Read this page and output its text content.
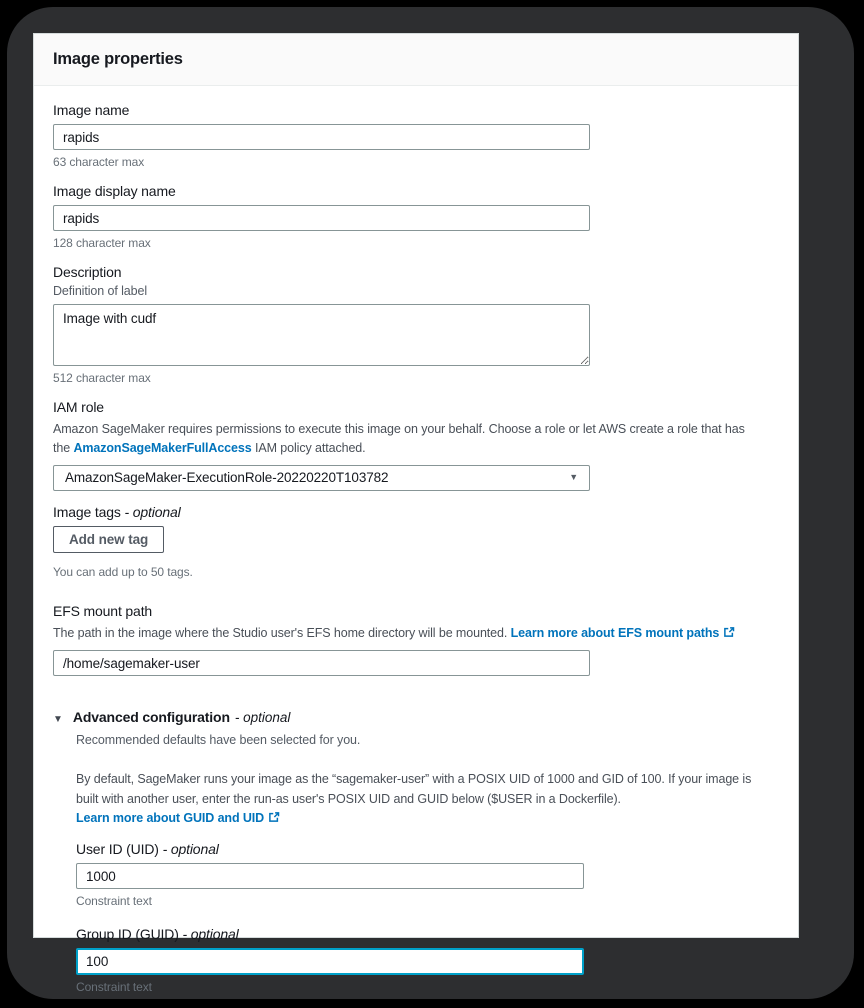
Image properties
Image name
rapids
63 character max
Image display name
rapids
128 character max
Description
Definition of label
Image with cudf
512 character max
IAM role
Amazon SageMaker requires permissions to execute this image on your behalf. Choose a role or let AWS create a role that has the AmazonSageMakerFullAccess IAM policy attached.
AmazonSageMaker-ExecutionRole-20220220T103782	▼
Image tags - optional
Add new tag
You can add up to 50 tags.
EFS mount path
The path in the image where the Studio user's EFS home directory will be mounted. Learn more about EFS mount paths
/home/sagemaker-user
▼ Advanced configuration - optional
Recommended defaults have been selected for you.
By default, SageMaker runs your image as the “sagemaker-user” with a POSIX UID of 1000 and GID of 100. If your image is built with another user, enter the run-as user's POSIX UID and GUID below ($USER in a Dockerfile). Learn more about GUID and UID
User ID (UID) - optional
1000
Constraint text
Group ID (GUID) - optional
100
Constraint text
